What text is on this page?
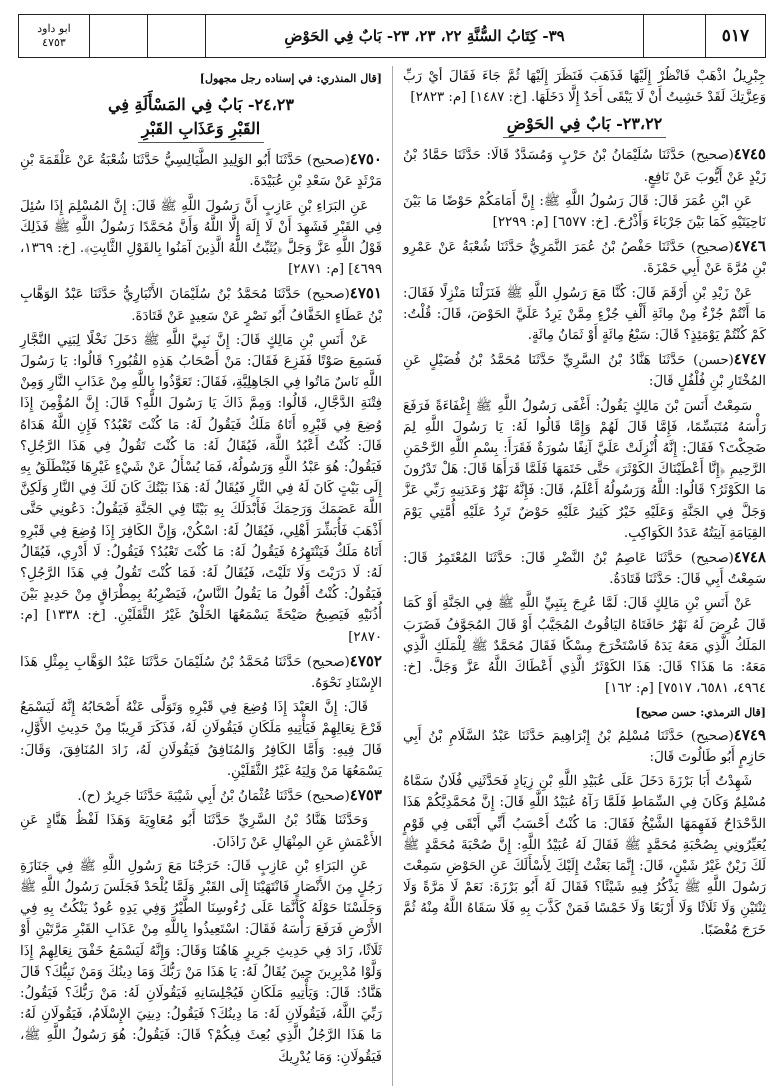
٥١٧
٣٩- كِتَابُ السُّنَّةِ ٢٢، ٢٣، ٢٣- بَابٌ فِي الحَوْضِ
ابو داود
٤٧٥٣

جِبْرِيلُ اذْهَبْ فَانْظُرْ إِلَيْهَا فَذَهَبَ فَنَظَرَ إِلَيْهَا ثُمَّ جَاءَ فَقَالَ أَيْ رَبِّ وَعِزَّتِكَ لَقَدْ خَشِيتُ أَنْ لَا يَبْقَى أَحَدٌ إِلَّا دَخَلَهَا. [خ: ١٤٨٧] [م: ٢٨٢٣]

٢٣،٢٢- بَابٌ فِي الحَوْضِ

٤٧٤٥(صحيح) حَدَّثَنَا سُلَيْمَانُ بْنُ حَرْبٍ وَمُسَدَّدٌ قَالَا: حَدَّثَنَا حَمَّادُ بْنُ زَيْدٍ عَنْ أَيُّوبَ عَنْ نَافِعٍ.

عَنِ ابْنِ عُمَرَ قَالَ: قَالَ رَسُولُ اللَّهِ ﷺ: إِنَّ أَمَامَكُمْ حَوْضًا مَا بَيْنَ نَاحِيَتَيْهِ كَمَا بَيْنَ جَرْبَاءَ وَأَذْرُحَ. [خ: ٦٥٧٧] [م: ٢٢٩٩]

٤٧٤٦(صحيح) حَدَّثَنَا حَفْصُ بْنُ عُمَرَ النَّمَرِيُّ حَدَّثَنَا شُعْبَةُ عَنْ عَمْرِو بْنِ مُرَّةَ عَنْ أَبِي حَمْزَةَ.

عَنْ زَيْدِ بْنِ أَرْقَمَ قَالَ: كُنَّا مَعَ رَسُولِ اللَّهِ ﷺ فَنَزَلْنَا مَنْزِلًا فَقَالَ: مَا أَنْتُمْ جُزْءٌ مِنْ مِائَةِ أَلْفِ جُزْءٍ مِمَّنْ يَرِدُ عَلَيَّ الحَوْضَ، قَالَ: قُلْتُ: كَمْ كُنْتُمْ يَوْمَئِذٍ؟ قَالَ: سَبْعُ مِائَةٍ أَوْ ثَمَانُ مِائَةٍ.

٤٧٤٧(حسن) حَدَّثَنَا هَنَّادُ بْنُ السَّرِيِّ حَدَّثَنَا مُحَمَّدُ بْنُ فُضَيْلٍ عَنِ المُخْتَارِ بْنِ فُلْفُلٍ قَالَ:

سَمِعْتُ أَنَسَ بْنَ مَالِكٍ يَقُولُ: أَغْفَى رَسُولُ اللَّهِ ﷺ إِغْفَاءَةً فَرَفَعَ رَأْسَهُ مُتَبَسِّمًا، فَإِمَّا قَالَ لَهُمْ وَإِمَّا قَالُوا لَهُ: يَا رَسُولَ اللَّهِ لِمَ ضَحِكْتَ؟ فَقَالَ: إِنَّهُ أُنْزِلَتْ عَلَيَّ آنِفًا سُورَةٌ فَقَرَأَ: بِسْمِ اللَّهِ الرَّحْمَنِ الرَّحِيمِ ﴿إِنَّا أَعْطَيْنَاكَ الكَوْثَرَ﴾ حَتَّى خَتَمَهَا فَلَمَّا قَرَأَهَا قَالَ: هَلْ تَدْرُونَ مَا الكَوْثَرُ؟ قَالُوا: اللَّهُ وَرَسُولُهُ أَعْلَمُ، قَالَ: فَإِنَّهُ نَهْرٌ وَعَدَنِيهِ رَبِّي عَزَّ وَجَلَّ فِي الجَنَّةِ وَعَلَيْهِ خَيْرٌ كَثِيرٌ عَلَيْهِ حَوْضٌ تَرِدُ عَلَيْهِ أُمَّتِي يَوْمَ القِيَامَةِ آنِيَتُهُ عَدَدُ الكَوَاكِبِ.

٤٧٤٨(صحيح) حَدَّثَنَا عَاصِمُ بْنُ النَّضْرِ قَالَ: حَدَّثَنَا المُعْتَمِرُ قَالَ: سَمِعْتُ أَبِي قَالَ: حَدَّثَنَا قَتَادَةُ.

عَنْ أَنَسِ بْنِ مَالِكٍ قَالَ: لَمَّا عُرِجَ بِنَبِيِّ اللَّهِ ﷺ فِي الجَنَّةِ أَوْ كَمَا قَالَ عُرِضَ لَهُ نَهْرٌ حَافَتَاهُ اليَاقُوتُ المُجَيَّبُ أَوْ قَالَ المُجَوَّفُ فَضَرَبَ المَلَكُ الَّذِي مَعَهُ يَدَهُ فَاسْتَخْرَجَ مِسْكًا فَقَالَ مُحَمَّدٌ ﷺ لِلْمَلَكِ الَّذِي مَعَهُ: مَا هَذَا؟ قَالَ: هَذَا الكَوْثَرُ الَّذِي أَعْطَاكَ اللَّهُ عَزَّ وَجَلَّ. [خ: ٤٩٦٤، ٦٥٨١، ٧٥١٧] [م: ١٦٢]

[قال الترمذي: حسن صحيح]

٤٧٤٩(صحيح) حَدَّثَنَا مُسْلِمُ بْنُ إِبْرَاهِيمَ حَدَّثَنَا عَبْدُ السَّلَامِ بْنُ أَبِي حَازِمٍ أَبُو طَالُوتَ قَالَ:

شَهِدْتُ أَبَا بَرْزَةَ دَخَلَ عَلَى عُبَيْدِ اللَّهِ بْنِ زِيَادٍ فَحَدَّثَنِي فُلَانٌ سَمَّاهُ مُسْلِمٌ وَكَانَ فِي السِّمَاطِ فَلَمَّا رَآهُ عُبَيْدُ اللَّهِ قَالَ: إِنَّ مُحَمَّدِيَّكُمْ هَذَا الدَّحْدَاحُ فَفَهِمَهَا الشَّيْخُ فَقَالَ: مَا كُنْتُ أَحْسَبُ أَنِّي أَبْقَى فِي قَوْمٍ يُعَيِّرُونِي بِصُحْبَةِ مُحَمَّدٍ ﷺ فَقَالَ لَهُ عُبَيْدُ اللَّهِ: إِنَّ صُحْبَةَ مُحَمَّدٍ ﷺ لَكَ زَيْنٌ غَيْرُ شَيْنٍ، قَالَ: إِنَّمَا بَعَثْتُ إِلَيْكَ لِأَسْأَلَكَ عَنِ الحَوْضِ سَمِعْتَ رَسُولَ اللَّهِ ﷺ يَذْكُرُ فِيهِ شَيْئًا؟ فَقَالَ لَهُ أَبُو بَرْزَةَ: نَعَمْ لَا مَرَّةً وَلَا ثِنْتَيْنِ وَلَا ثَلَاثًا وَلَا أَرْبَعًا وَلَا خَمْسًا فَمَنْ كَذَّبَ بِهِ فَلَا سَقَاهُ اللَّهُ مِنْهُ ثُمَّ خَرَجَ مُغْضَبًا.

[قال المنذري: في إسناده رجل مجهول]
٢٤،٢٣- بَابٌ فِي المَسْأَلَةِ فِي
القَبْرِ وَعَذَابِ القَبْرِ

٤٧٥٠(صحيح) حَدَّثَنَا أَبُو الوَلِيدِ الطَّيَالِسِيُّ حَدَّثَنَا شُعْبَةُ عَنْ عَلْقَمَةَ بْنِ مَرْثَدٍ عَنْ سَعْدِ بْنِ عُبَيْدَةَ.

عَنِ البَرَاءِ بْنِ عَازِبٍ أَنَّ رَسُولَ اللَّهِ ﷺ قَالَ: إِنَّ المُسْلِمَ إِذَا سُئِلَ فِي القَبْرِ فَشَهِدَ أَنْ لَا إِلَهَ إِلَّا اللَّهُ وَأَنَّ مُحَمَّدًا رَسُولُ اللَّهِ ﷺ فَذَلِكَ قَوْلُ اللَّهِ عَزَّ وَجَلَّ ﴿يُثَبِّتُ اللَّهُ الَّذِينَ آمَنُوا بِالقَوْلِ الثَّابِتِ﴾. [خ: ١٣٦٩، ٤٦٩٩] [م: ٢٨٧١]

٤٧٥١(صحيح) حَدَّثَنَا مُحَمَّدُ بْنُ سُلَيْمَانَ الأَنْبَارِيُّ حَدَّثَنَا عَبْدُ الوَهَّابِ بْنُ عَطَاءٍ الخَفَّافُ أَبُو نَصْرٍ عَنْ سَعِيدٍ عَنْ قَتَادَةَ.

عَنْ أَنَسِ بْنِ مَالِكٍ قَالَ: إِنَّ نَبِيَّ اللَّهِ ﷺ دَخَلَ نَخْلًا لِبَنِي النَّجَّارِ فَسَمِعَ صَوْتًا فَفَزِعَ فَقَالَ: مَنْ أَصْحَابُ هَذِهِ القُبُورِ؟ قَالُوا: يَا رَسُولَ اللَّهِ نَاسٌ مَاتُوا فِي الجَاهِلِيَّةِ، فَقَالَ: تَعَوَّذُوا بِاللَّهِ مِنْ عَذَابِ النَّارِ وَمِنْ فِتْنَةِ الدَّجَّالِ، قَالُوا: وَمِمَّ ذَاكَ يَا رَسُولَ اللَّهِ؟ قَالَ: إِنَّ المُؤْمِنَ إِذَا وُضِعَ فِي قَبْرِهِ أَتَاهُ مَلَكٌ فَيَقُولُ لَهُ: مَا كُنْتَ تَعْبُدُ؟ فَإِنِ اللَّهُ هَدَاهُ قَالَ: كُنْتُ أَعْبُدُ اللَّهَ، فَيُقَالُ لَهُ: مَا كُنْتَ تَقُولُ فِي هَذَا الرَّجُلِ؟ فَيَقُولُ: هُوَ عَبْدُ اللَّهِ وَرَسُولُهُ، فَمَا يُسْأَلُ عَنْ شَيْءٍ غَيْرِهَا فَيُنْطَلَقُ بِهِ إِلَى بَيْتٍ كَانَ لَهُ فِي النَّارِ فَيُقَالُ لَهُ: هَذَا بَيْتُكَ كَانَ لَكَ فِي النَّارِ وَلَكِنَّ اللَّهَ عَصَمَكَ وَرَحِمَكَ فَأَبْدَلَكَ بِهِ بَيْتًا فِي الجَنَّةِ فَيَقُولُ: دَعُونِي حَتَّى أَذْهَبَ فَأُبَشِّرَ أَهْلِي، فَيُقَالُ لَهُ: اسْكُنْ، وَإِنَّ الكَافِرَ إِذَا وُضِعَ فِي قَبْرِهِ أَتَاهُ مَلَكٌ فَيَنْتَهِرُهُ فَيَقُولُ لَهُ: مَا كُنْتَ تَعْبُدُ؟ فَيَقُولُ: لَا أَدْرِي، فَيُقَالُ لَهُ: لَا دَرَيْتَ وَلَا تَلَيْتَ، فَيُقَالُ لَهُ: فَمَا كُنْتَ تَقُولُ فِي هَذَا الرَّجُلِ؟ فَيَقُولُ: كُنْتُ أَقُولُ مَا يَقُولُ النَّاسُ، فَيَضْرِبُهُ بِمِطْرَاقٍ مِنْ حَدِيدٍ بَيْنَ أُذُنَيْهِ فَيَصِيحُ صَيْحَةً يَسْمَعُهَا الخَلْقُ غَيْرُ الثَّقَلَيْنِ. [خ: ١٣٣٨] [م: ٢٨٧٠]

٤٧٥٢(صحيح) حَدَّثَنَا مُحَمَّدُ بْنُ سُلَيْمَانَ حَدَّثَنَا عَبْدُ الوَهَّابِ بِمِثْلِ هَذَا الإِسْنَادِ نَحْوَهُ.

قَالَ: إِنَّ العَبْدَ إِذَا وُضِعَ فِي قَبْرِهِ وَتَوَلَّى عَنْهُ أَصْحَابُهُ إِنَّهُ لَيَسْمَعُ قَرْعَ نِعَالِهِمْ فَيَأْتِيهِ مَلَكَانِ فَيَقُولَانِ لَهُ، فَذَكَرَ قَرِيبًا مِنْ حَدِيثِ الأَوَّلِ، قَالَ فِيهِ: وَأَمَّا الكَافِرُ وَالمُنَافِقُ فَيَقُولَانِ لَهُ، زَادَ المُنَافِقَ، وَقَالَ: يَسْمَعُهَا مَنْ وَلِيَهُ غَيْرُ الثَّقَلَيْنِ.

٤٧٥٣(صحيح) حَدَّثَنَا عُثْمَانُ بْنُ أَبِي شَيْبَةَ حَدَّثَنَا جَرِيرٌ (ح).

وَحَدَّثَنَا هَنَّادُ بْنُ السَّرِيِّ حَدَّثَنَا أَبُو مُعَاوِيَةَ وَهَذَا لَفْظُ هَنَّادٍ عَنِ الأَعْمَشِ عَنِ المِنْهَالِ عَنْ زَاذَانَ.

عَنِ البَرَاءِ بْنِ عَازِبٍ قَالَ: خَرَجْنَا مَعَ رَسُولِ اللَّهِ ﷺ فِي جَنَازَةِ رَجُلٍ مِنَ الأَنْصَارِ فَانْتَهَيْنَا إِلَى القَبْرِ وَلَمَّا يُلْحَدْ فَجَلَسَ رَسُولُ اللَّهِ ﷺ وَجَلَسْنَا حَوْلَهُ كَأَنَّمَا عَلَى رُءُوسِنَا الطَّيْرُ وَفِي يَدِهِ عُودٌ يَنْكُتُ بِهِ فِي الأَرْضِ فَرَفَعَ رَأْسَهُ فَقَالَ: اسْتَعِيذُوا بِاللَّهِ مِنْ عَذَابِ القَبْرِ مَرَّتَيْنِ أَوْ ثَلَاثًا، زَادَ فِي حَدِيثِ جَرِيرٍ هَاهُنَا وَقَالَ: وَإِنَّهُ لَيَسْمَعُ خَفْقَ نِعَالِهِمْ إِذَا وَلَّوْا مُدْبِرِينَ حِينَ يُقَالُ لَهُ: يَا هَذَا مَنْ رَبُّكَ وَمَا دِينُكَ وَمَنْ نَبِيُّكَ؟ قَالَ هَنَّادٌ: قَالَ: وَيَأْتِيهِ مَلَكَانِ فَيُجْلِسَانِهِ فَيَقُولَانِ لَهُ: مَنْ رَبُّكَ؟ فَيَقُولُ: رَبِّيَ اللَّهُ، فَيَقُولَانِ لَهُ: مَا دِينُكَ؟ فَيَقُولُ: دِينِيَ الإِسْلَامُ، فَيَقُولَانِ لَهُ: مَا هَذَا الرَّجُلُ الَّذِي بُعِثَ فِيكُمْ؟ قَالَ: فَيَقُولُ: هُوَ رَسُولُ اللَّهِ ﷺ، فَيَقُولَانِ: وَمَا يُدْرِيكَ
